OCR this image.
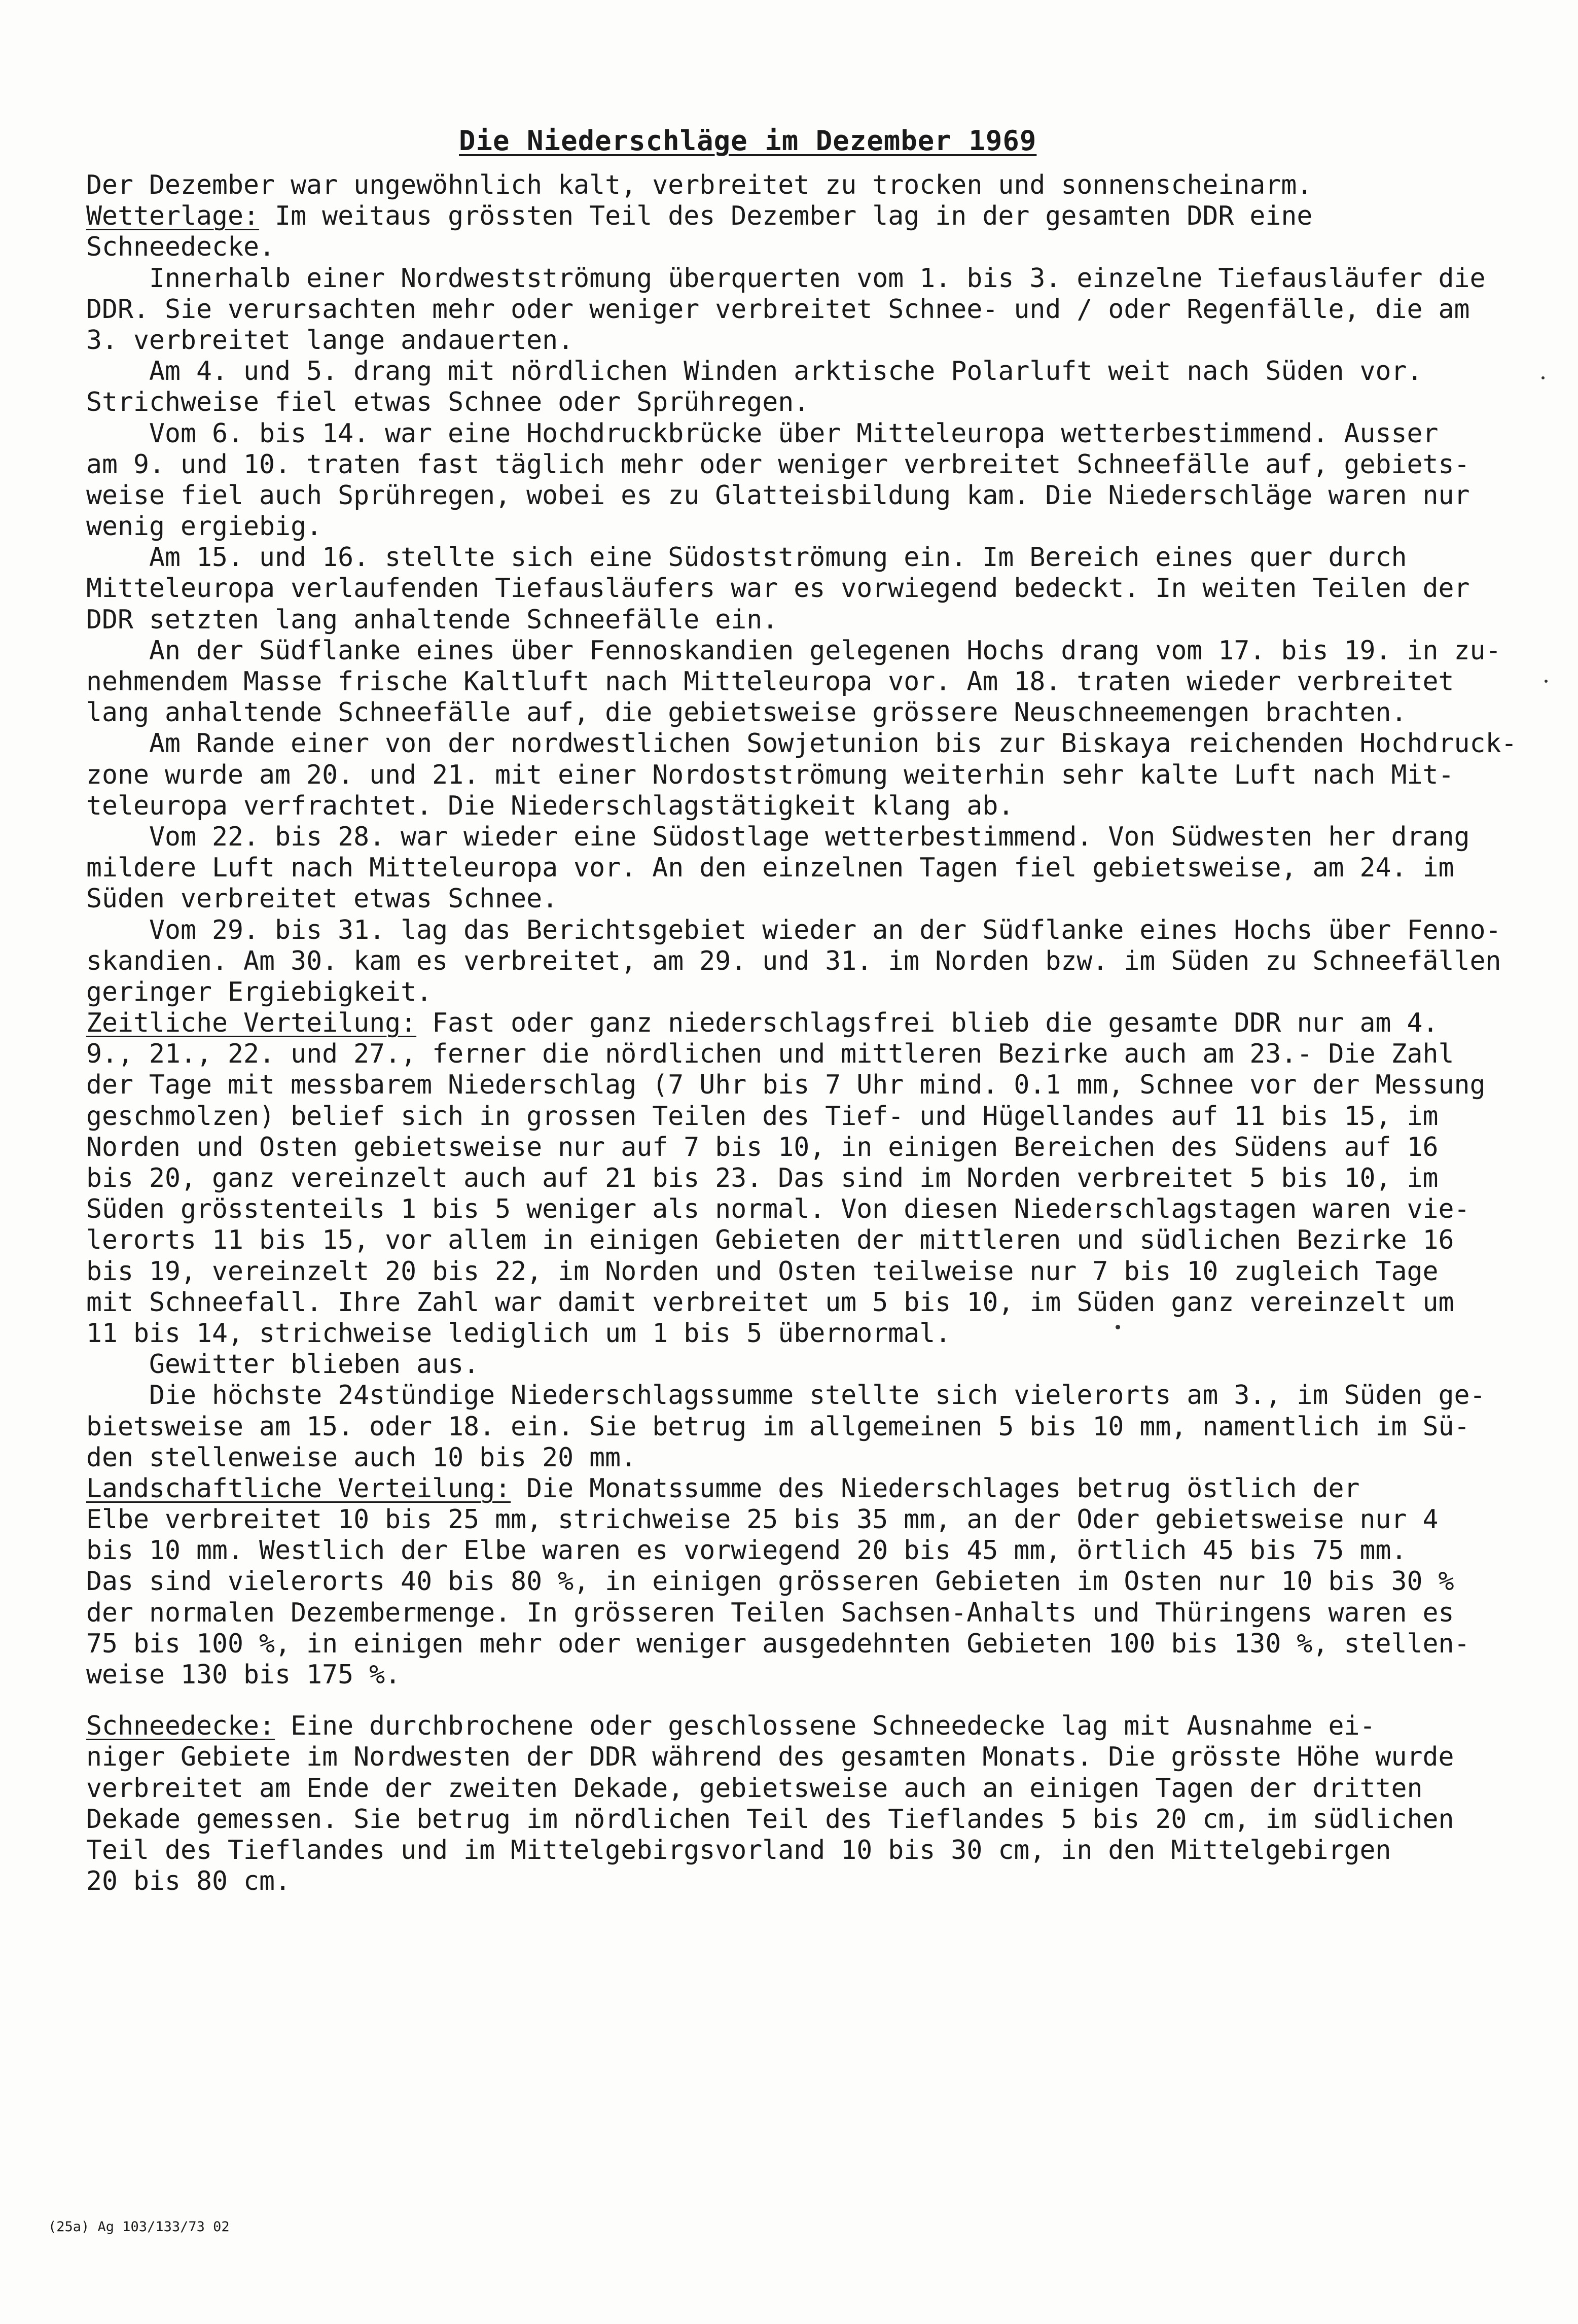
Die Niederschläge im Dezember 1969
Der Dezember war ungewöhnlich kalt, verbreitet zu trocken und sonnenscheinarm.
Wetterlage: Im weitaus grössten Teil des Dezember lag in der gesamten DDR eine
Schneedecke.
Innerhalb einer Nordwestströmung überquerten vom 1. bis 3. einzelne Tiefausläufer die
DDR. Sie verursachten mehr oder weniger verbreitet Schnee- und / oder Regenfälle, die am
3. verbreitet lange andauerten.
Am 4. und 5. drang mit nördlichen Winden arktische Polarluft weit nach Süden vor.
Strichweise fiel etwas Schnee oder Sprühregen.
Vom 6. bis 14. war eine Hochdruckbrücke über Mitteleuropa wetterbestimmend. Ausser
am 9. und 10. traten fast täglich mehr oder weniger verbreitet Schneefälle auf, gebiets-
weise fiel auch Sprühregen, wobei es zu Glatteisbildung kam. Die Niederschläge waren nur
wenig ergiebig.
Am 15. und 16. stellte sich eine Südostströmung ein. Im Bereich eines quer durch
Mitteleuropa verlaufenden Tiefausläufers war es vorwiegend bedeckt. In weiten Teilen der
DDR setzten lang anhaltende Schneefälle ein.
An der Südflanke eines über Fennoskandien gelegenen Hochs drang vom 17. bis 19. in zu-
nehmendem Masse frische Kaltluft nach Mitteleuropa vor. Am 18. traten wieder verbreitet
lang anhaltende Schneefälle auf, die gebietsweise grössere Neuschneemengen brachten.
Am Rande einer von der nordwestlichen Sowjetunion bis zur Biskaya reichenden Hochdruck-
zone wurde am 20. und 21. mit einer Nordostströmung weiterhin sehr kalte Luft nach Mit-
teleuropa verfrachtet. Die Niederschlagstätigkeit klang ab.
Vom 22. bis 28. war wieder eine Südostlage wetterbestimmend. Von Südwesten her drang
mildere Luft nach Mitteleuropa vor. An den einzelnen Tagen fiel gebietsweise, am 24. im
Süden verbreitet etwas Schnee.
Vom 29. bis 31. lag das Berichtsgebiet wieder an der Südflanke eines Hochs über Fenno-
skandien. Am 30. kam es verbreitet, am 29. und 31. im Norden bzw. im Süden zu Schneefällen
geringer Ergiebigkeit.
Zeitliche Verteilung: Fast oder ganz niederschlagsfrei blieb die gesamte DDR nur am 4.
9., 21., 22. und 27., ferner die nördlichen und mittleren Bezirke auch am 23.- Die Zahl
der Tage mit messbarem Niederschlag (7 Uhr bis 7 Uhr mind. 0.1 mm, Schnee vor der Messung
geschmolzen) belief sich in grossen Teilen des Tief- und Hügellandes auf 11 bis 15, im
Norden und Osten gebietsweise nur auf 7 bis 10, in einigen Bereichen des Südens auf 16
bis 20, ganz vereinzelt auch auf 21 bis 23. Das sind im Norden verbreitet 5 bis 10, im
Süden grösstenteils 1 bis 5 weniger als normal. Von diesen Niederschlagstagen waren vie-
lerorts 11 bis 15, vor allem in einigen Gebieten der mittleren und südlichen Bezirke 16
bis 19, vereinzelt 20 bis 22, im Norden und Osten teilweise nur 7 bis 10 zugleich Tage
mit Schneefall. Ihre Zahl war damit verbreitet um 5 bis 10, im Süden ganz vereinzelt um
11 bis 14, strichweise lediglich um 1 bis 5 übernormal.
Gewitter blieben aus.
Die höchste 24stündige Niederschlagssumme stellte sich vielerorts am 3., im Süden ge-
bietsweise am 15. oder 18. ein. Sie betrug im allgemeinen 5 bis 10 mm, namentlich im Sü-
den stellenweise auch 10 bis 20 mm.
Landschaftliche Verteilung: Die Monatssumme des Niederschlages betrug östlich der
Elbe verbreitet 10 bis 25 mm, strichweise 25 bis 35 mm, an der Oder gebietsweise nur 4
bis 10 mm. Westlich der Elbe waren es vorwiegend 20 bis 45 mm, örtlich 45 bis 75 mm.
Das sind vielerorts 40 bis 80 %, in einigen grösseren Gebieten im Osten nur 10 bis 30 %
der normalen Dezembermenge. In grösseren Teilen Sachsen-Anhalts und Thüringens waren es
75 bis 100 %, in einigen mehr oder weniger ausgedehnten Gebieten 100 bis 130 %, stellen-
weise 130 bis 175 %.
Schneedecke: Eine durchbrochene oder geschlossene Schneedecke lag mit Ausnahme ei-
niger Gebiete im Nordwesten der DDR während des gesamten Monats. Die grösste Höhe wurde
verbreitet am Ende der zweiten Dekade, gebietsweise auch an einigen Tagen der dritten
Dekade gemessen. Sie betrug im nördlichen Teil des Tieflandes 5 bis 20 cm, im südlichen
Teil des Tieflandes und im Mittelgebirgsvorland 10 bis 30 cm, in den Mittelgebirgen
20 bis 80 cm.
(25a) Ag 103/133/73 02
